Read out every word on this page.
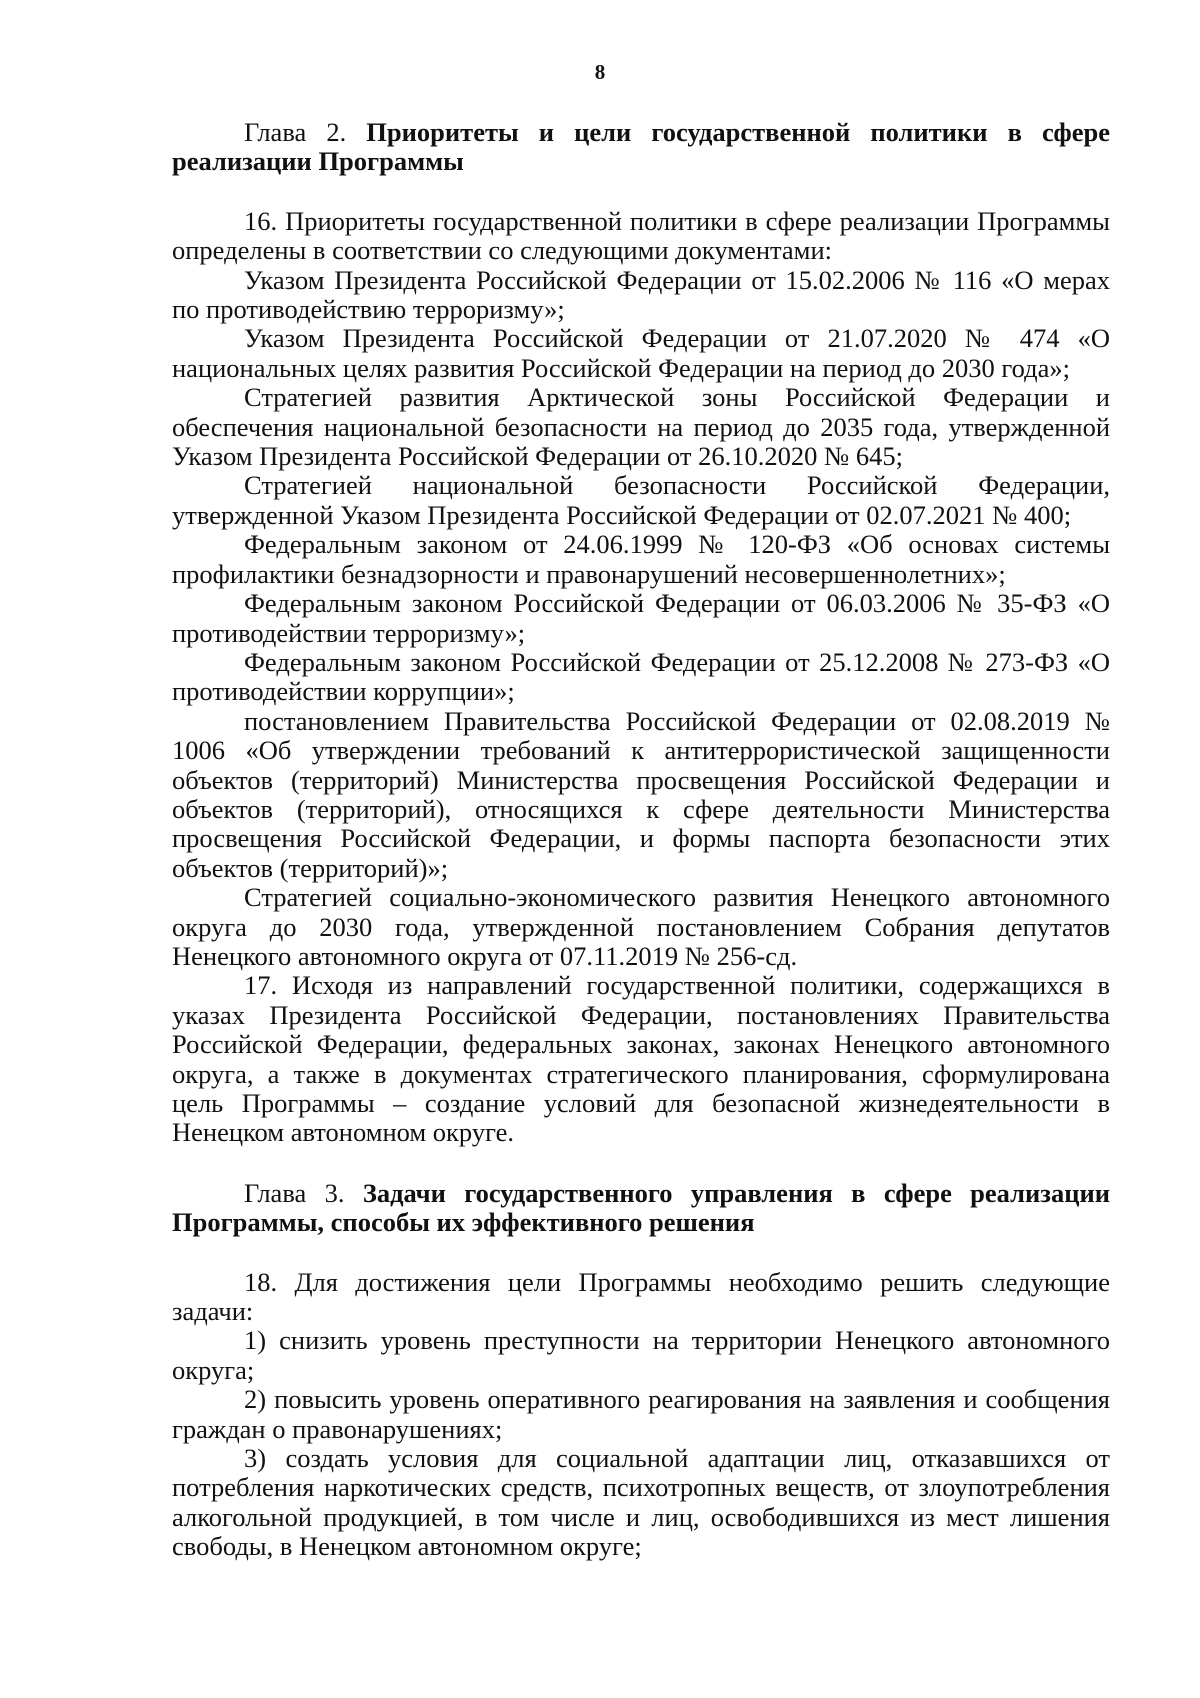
8

Глава 2. Приоритеты и цели государственной политики в сфере реализации Программы

16. Приоритеты государственной политики в сфере реализации Программы определены в соответствии со следующими документами:

Указом Президента Российской Федерации от 15.02.2006 № 116 «О мерах по противодействию терроризму»;

Указом Президента Российской Федерации от 21.07.2020 № 474 «О национальных целях развития Российской Федерации на период до 2030 года»;

Стратегией развития Арктической зоны Российской Федерации и обеспечения национальной безопасности на период до 2035 года, утвержденной Указом Президента Российской Федерации от 26.10.2020 № 645;

Стратегией национальной безопасности Российской Федерации, утвержденной Указом Президента Российской Федерации от 02.07.2021 № 400;

Федеральным законом от 24.06.1999 № 120-ФЗ «Об основах системы профилактики безнадзорности и правонарушений несовершеннолетних»;

Федеральным законом Российской Федерации от 06.03.2006 № 35-ФЗ «О противодействии терроризму»;

Федеральным законом Российской Федерации от 25.12.2008 № 273-ФЗ «О противодействии коррупции»;

постановлением Правительства Российской Федерации от 02.08.2019 № 1006 «Об утверждении требований к антитеррористической защищенности объектов (территорий) Министерства просвещения Российской Федерации и объектов (территорий), относящихся к сфере деятельности Министерства просвещения Российской Федерации, и формы паспорта безопасности этих объектов (территорий)»;

Стратегией социально-экономического развития Ненецкого автономного округа до 2030 года, утвержденной постановлением Собрания депутатов Ненецкого автономного округа от 07.11.2019 № 256-сд.

17. Исходя из направлений государственной политики, содержащихся в указах Президента Российской Федерации, постановлениях Правительства Российской Федерации, федеральных законах, законах Ненецкого автономного округа, а также в документах стратегического планирования, сформулирована цель Программы – создание условий для безопасной жизнедеятельности в Ненецком автономном округе.

Глава 3. Задачи государственного управления в сфере реализации Программы, способы их эффективного решения

18. Для достижения цели Программы необходимо решить следующие задачи:

1) снизить уровень преступности на территории Ненецкого автономного округа;

2) повысить уровень оперативного реагирования на заявления и сообщения граждан о правонарушениях;

3) создать условия для социальной адаптации лиц, отказавшихся от потребления наркотических средств, психотропных веществ, от злоупотребления алкогольной продукцией, в том числе и лиц, освободившихся из мест лишения свободы, в Ненецком автономном округе;
